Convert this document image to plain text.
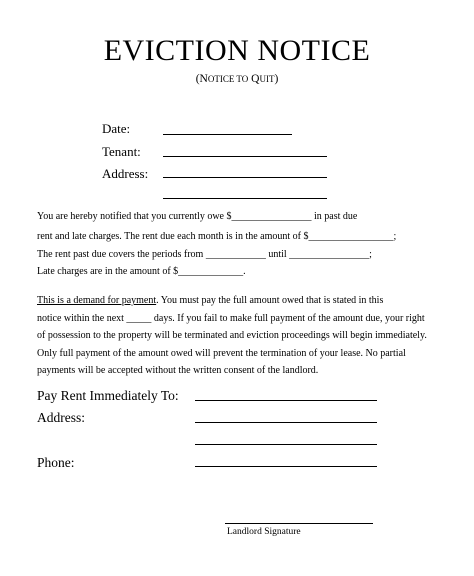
EVICTION NOTICE
(NOTICE TO QUIT)
Date:
Tenant:
Address:
You are hereby notified that you currently owe $________________ in past due
rent and late charges. The rent due each month is in the amount of $_________________;
The rent past due covers the periods from ____________ until ________________;
Late charges are in the amount of $_____________.
This is a demand for payment. You must pay the full amount owed that is stated in this
notice within the next _____ days. If you fail to make full payment of the amount due, your right
of possession to the property will be terminated and eviction proceedings will begin immediately.
Only full payment of the amount owed will prevent the termination of your lease. No partial
payments will be accepted without the written consent of the landlord.
Pay Rent Immediately To:
Address:
Phone:
Landlord Signature
